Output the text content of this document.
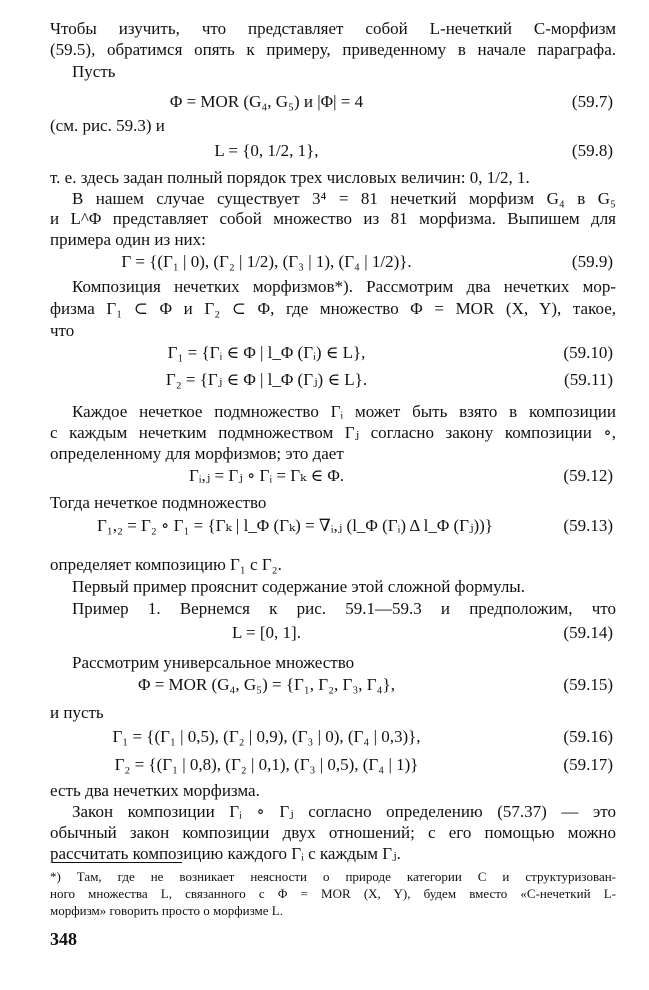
Чтобы изучить, что представляет собой L-нечеткий С-морфизм
(59.5), обратимся опять к примеру, приведенному в начале параграфа.
Пусть
Φ = MOR (G₄, G₅) и |Φ| = 4	(59.7)
(см. рис. 59.3) и
L = {0, 1/2, 1},	(59.8)
т. е. здесь задан полный порядок трех числовых величин: 0, 1/2, 1.
В нашем случае существует 3⁴ = 81 нечеткий морфизм G₄ в G₅
и L^Φ представляет собой множество из 81 морфизма. Выпишем для
примера один из них:
Γ = {(Γ₁ | 0), (Γ₂ | 1/2), (Γ₃ | 1), (Γ₄ | 1/2)}.	(59.9)
Композиция нечетких морфизмов*). Рассмотрим два нечетких мор-
физма Γ₁ ⊂ Φ и Γ₂ ⊂ Φ, где множество Φ = MOR (X, Y), такое,
что
Γ₁ = {Γᵢ ∈ Φ | l_Φ (Γᵢ) ∈ L},	(59.10)
Γ₂ = {Γⱼ ∈ Φ | l_Φ (Γⱼ) ∈ L}.	(59.11)
Каждое нечеткое подмножество Γᵢ может быть взято в композиции
с каждым нечетким подмножеством Γⱼ согласно закону композиции ∘,
определенному для морфизмов; это дает
Γᵢ,ⱼ = Γⱼ ∘ Γᵢ = Γₖ ∈ Φ.	(59.12)
Тогда нечеткое подмножество
Γ₁,₂ = Γ₂ ∘ Γ₁ = {Γₖ | l_Φ (Γₖ) = ∇ᵢ,ⱼ (l_Φ (Γᵢ) Δ l_Φ (Γⱼ))}	(59.13)
определяет композицию Γ₁ с Γ₂.
Первый пример прояснит содержание этой сложной формулы.
Пример 1. Вернемся к рис. 59.1—59.3 и предположим, что
L = [0, 1].	(59.14)
Рассмотрим универсальное множество
Φ = MOR (G₄, G₅) = {Γ₁, Γ₂, Γ₃, Γ₄},	(59.15)
и пусть
Γ₁ = {(Γ₁ | 0,5), (Γ₂ | 0,9), (Γ₃ | 0), (Γ₄ | 0,3)},	(59.16)
Γ₂ = {(Γ₁ | 0,8), (Γ₂ | 0,1), (Γ₃ | 0,5), (Γ₄ | 1)}	(59.17)
есть два нечетких морфизма.
Закон композиции Γᵢ ∘ Γⱼ согласно определению (57.37) — это
обычный закон композиции двух отношений; с его помощью можно
рассчитать композицию каждого Γᵢ с каждым Γⱼ.
*) Там, где не возникает неясности о природе категории С и структуризован-
ного множества L, связанного с Φ = MOR (X, Y), будем вместо «С-нечеткий L-
морфизм» говорить просто о морфизме L.
348
